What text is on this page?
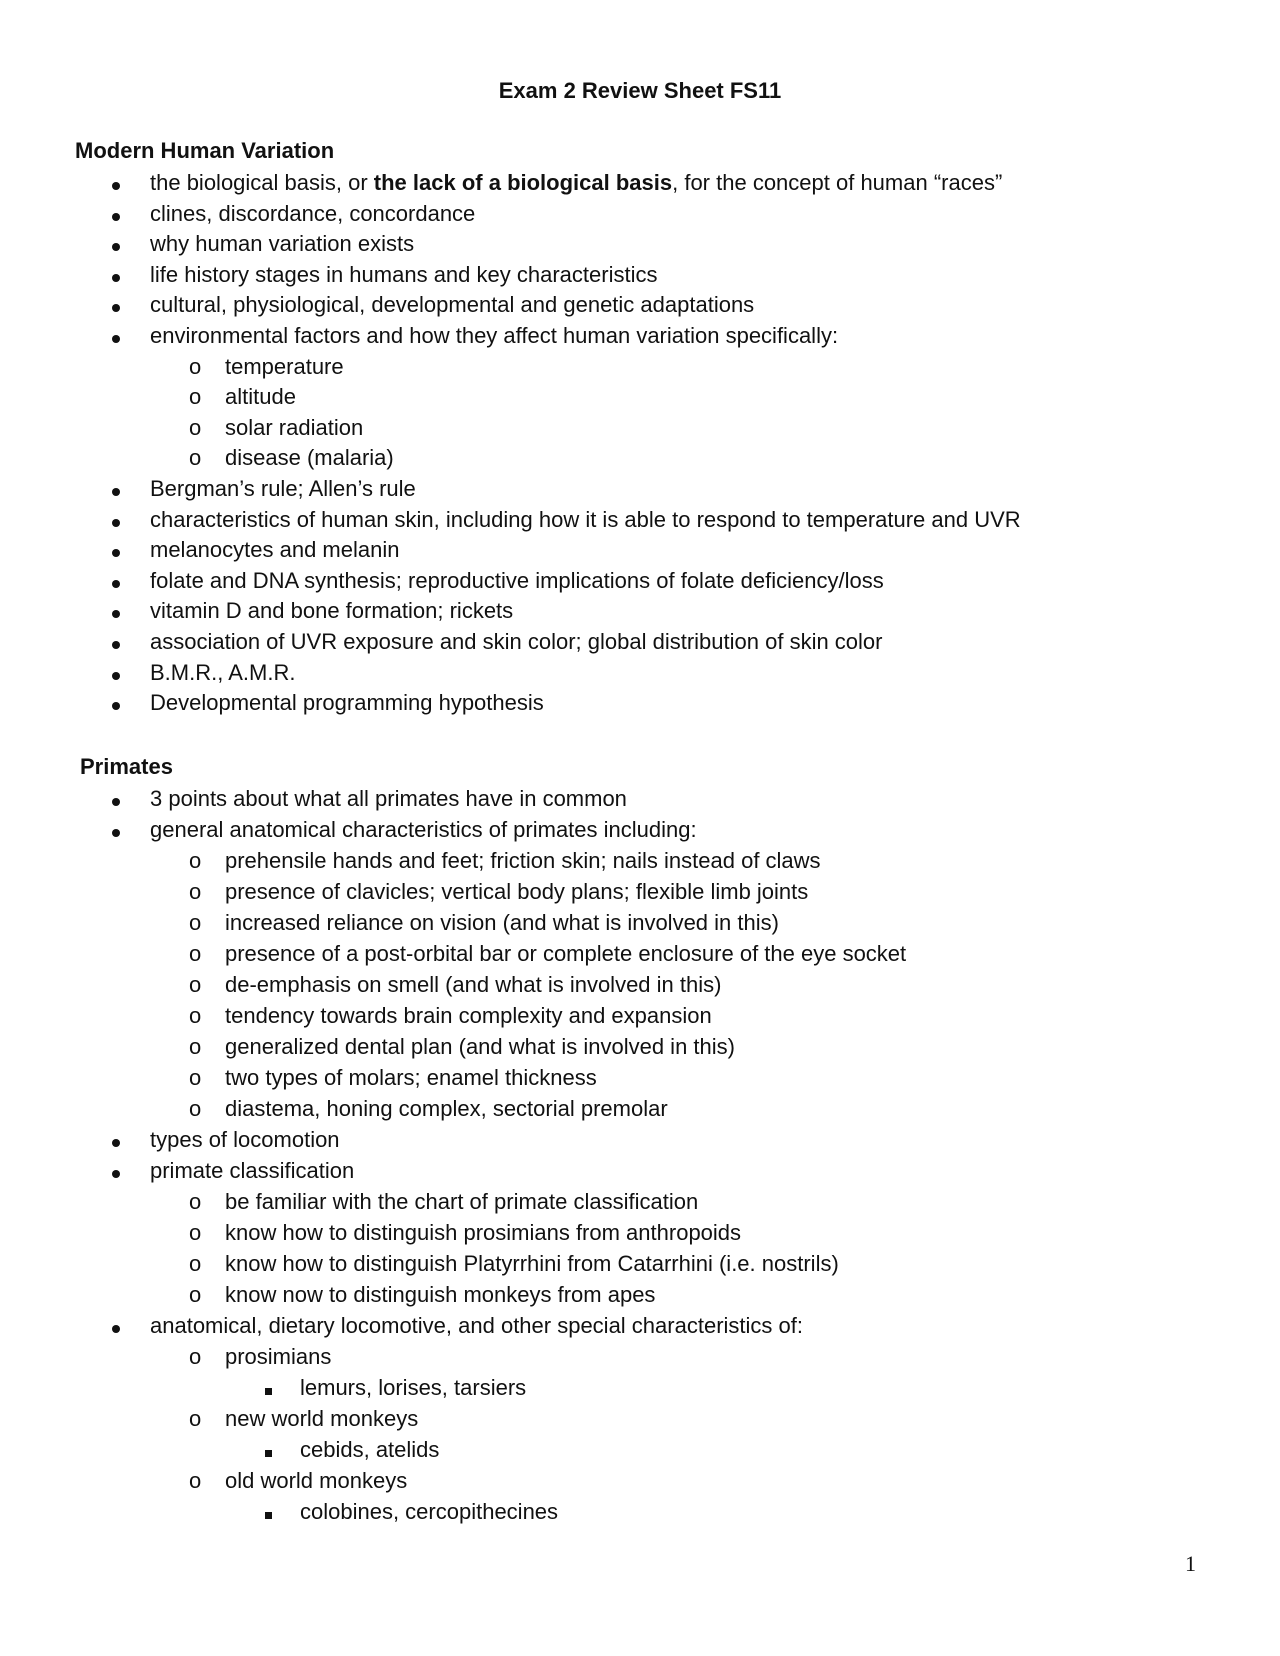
Exam 2 Review Sheet FS11
Modern Human Variation
the biological basis, or the lack of a biological basis, for the concept of human “races”
clines, discordance, concordance
why human variation exists
life history stages in humans and key characteristics
cultural, physiological, developmental and genetic adaptations
environmental factors and how they affect human variation specifically:
o temperature
o altitude
o solar radiation
o disease (malaria)
Bergman’s rule; Allen’s rule
characteristics of human skin, including how it is able to respond to temperature and UVR
melanocytes and melanin
folate and DNA synthesis; reproductive implications of folate deficiency/loss
vitamin D and bone formation; rickets
association of UVR exposure and skin color; global distribution of skin color
B.M.R., A.M.R.
Developmental programming hypothesis
Primates
3 points about what all primates have in common
general anatomical characteristics of primates including:
o prehensile hands and feet; friction skin; nails instead of claws
o presence of clavicles; vertical body plans; flexible limb joints
o increased reliance on vision (and what is involved in this)
o presence of a post-orbital bar or complete enclosure of the eye socket
o de-emphasis on smell (and what is involved in this)
o tendency towards brain complexity and expansion
o generalized dental plan (and what is involved in this)
o two types of molars; enamel thickness
o diastema, honing complex, sectorial premolar
types of locomotion
primate classification
o be familiar with the chart of primate classification
o know how to distinguish prosimians from anthropoids
o know how to distinguish Platyrrhini from Catarrhini (i.e. nostrils)
o know now to distinguish monkeys from apes
anatomical, dietary locomotive, and other special characteristics of:
o prosimians
lemurs, lorises, tarsiers
o new world monkeys
cebids, atelids
o old world monkeys
colobines, cercopithecines
1
